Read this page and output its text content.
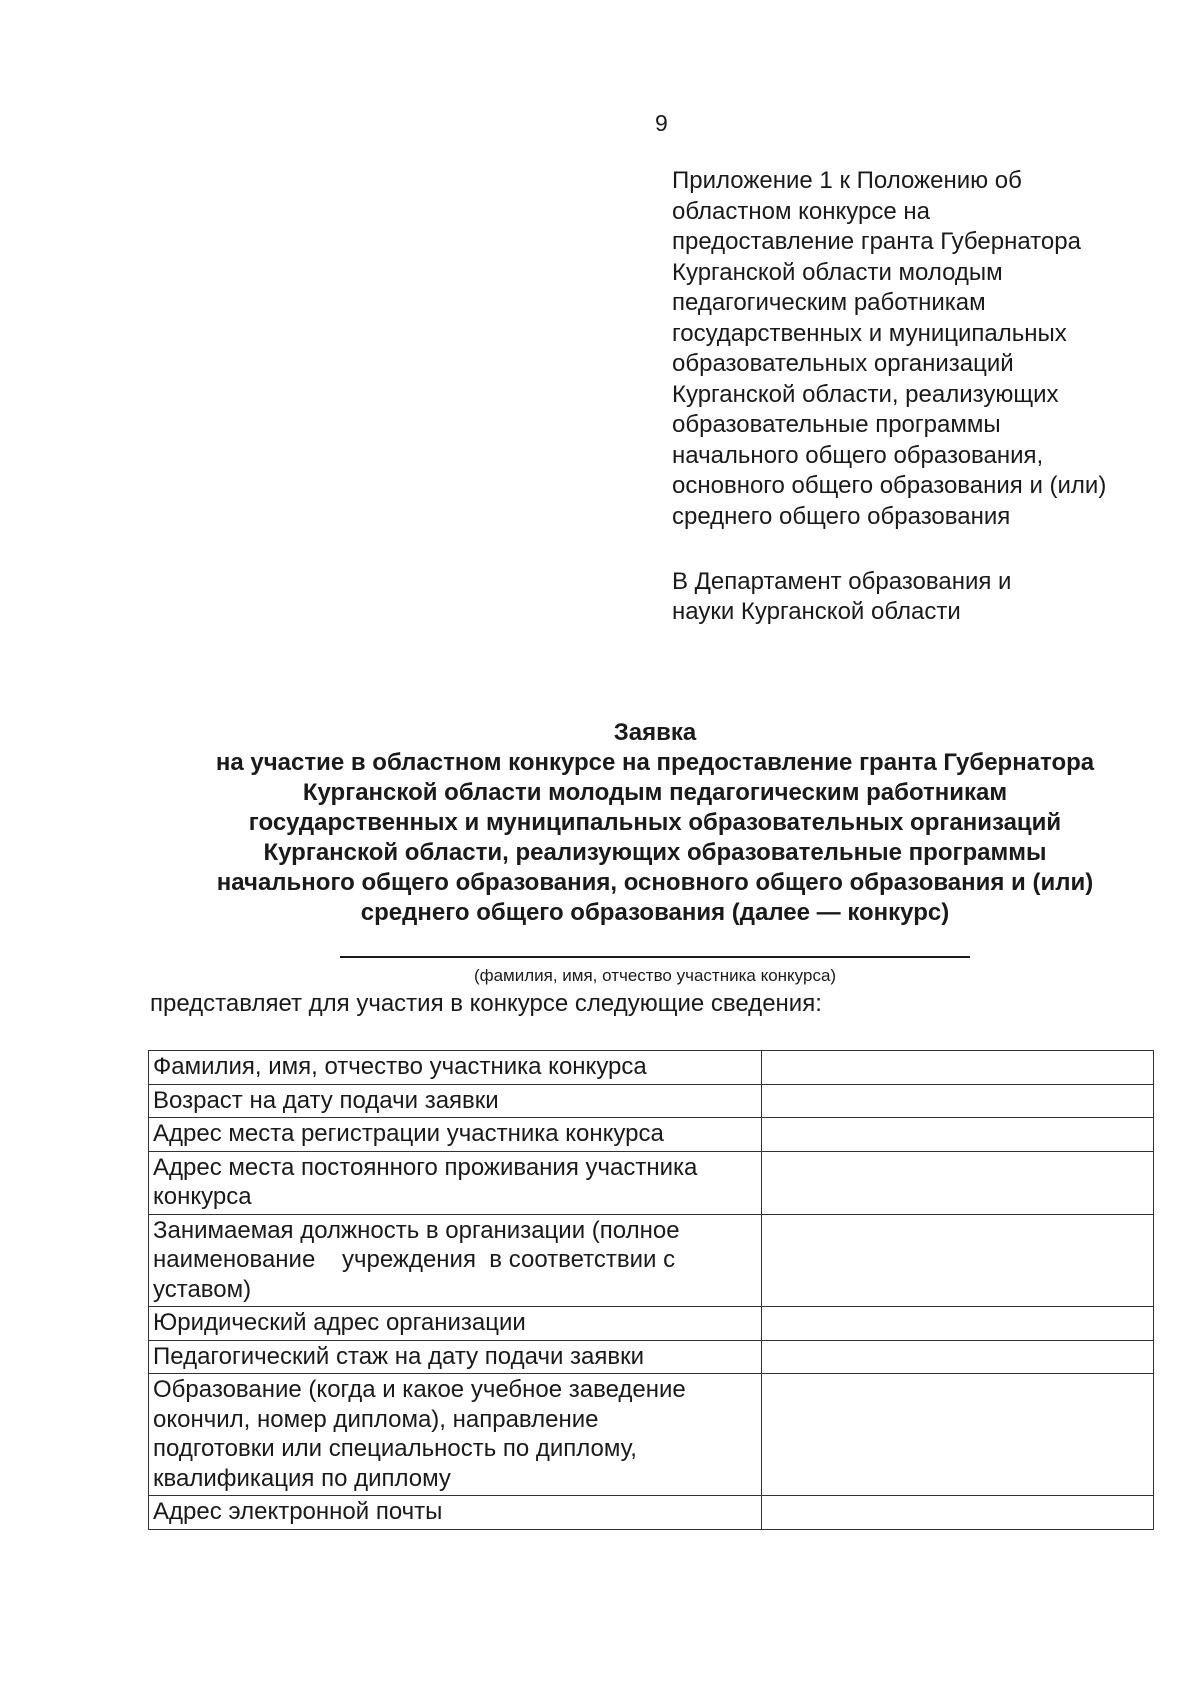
9
Приложение 1 к Положению об
областном конкурсе на
предоставление гранта Губернатора
Курганской области молодым
педагогическим работникам
государственных и муниципальных
образовательных организаций
Курганской области, реализующих
образовательные программы
начального общего образования,
основного общего образования и (или)
среднего общего образования
В Департамент образования и
науки Курганской области
Заявка
на участие в областном конкурсе на предоставление гранта Губернатора
Курганской области молодым педагогическим работникам
государственных и муниципальных образовательных организаций
Курганской области, реализующих образовательные программы
начального общего образования, основного общего образования и (или)
среднего общего образования (далее — конкурс)
(фамилия, имя, отчество участника конкурса)
представляет для участия в конкурсе следующие сведения:
Фамилия, имя, отчество участника конкурса	

Возраст на дату подачи заявки	

Адрес места регистрации участника конкурса	

Адрес места постоянного проживания участника
конкурса	

Занимаемая должность в организации (полное
наименование    учреждения  в соответствии с
уставом)	

Юридический адрес организации	

Педагогический стаж на дату подачи заявки	

Образование (когда и какое учебное заведение
окончил, номер диплома), направление
подготовки или специальность по диплому,
квалификация по диплому	

Адрес электронной почты	
